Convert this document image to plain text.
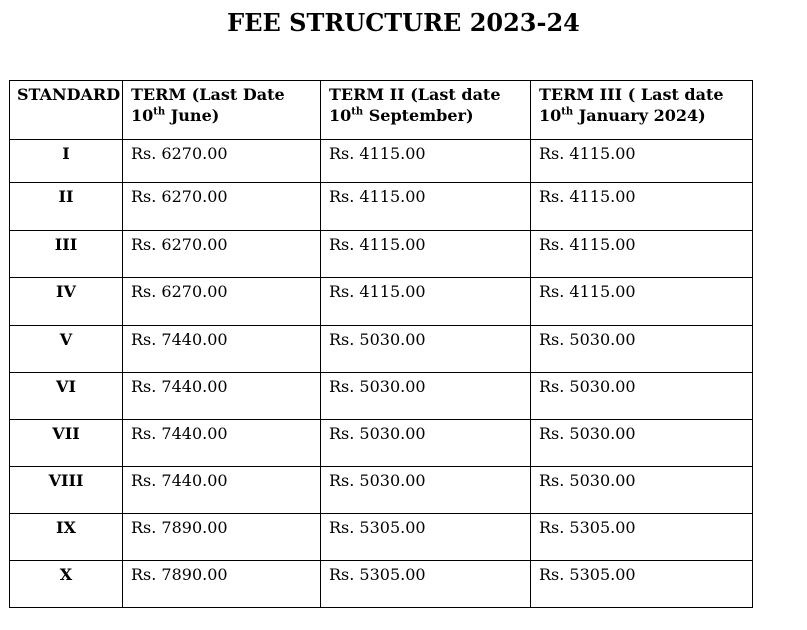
FEE STRUCTURE 2023-24
STANDARD	TERM (Last Date 10th June)	TERM II (Last date 10th September)	TERM III ( Last date 10th January 2024)
I	Rs. 6270.00	Rs. 4115.00	Rs. 4115.00
II	Rs. 6270.00	Rs. 4115.00	Rs. 4115.00
III	Rs. 6270.00	Rs. 4115.00	Rs. 4115.00
IV	Rs. 6270.00	Rs. 4115.00	Rs. 4115.00
V	Rs. 7440.00	Rs. 5030.00	Rs. 5030.00
VI	Rs. 7440.00	Rs. 5030.00	Rs. 5030.00
VII	Rs. 7440.00	Rs. 5030.00	Rs. 5030.00
VIII	Rs. 7440.00	Rs. 5030.00	Rs. 5030.00
IX	Rs. 7890.00	Rs. 5305.00	Rs. 5305.00
X	Rs. 7890.00	Rs. 5305.00	Rs. 5305.00
